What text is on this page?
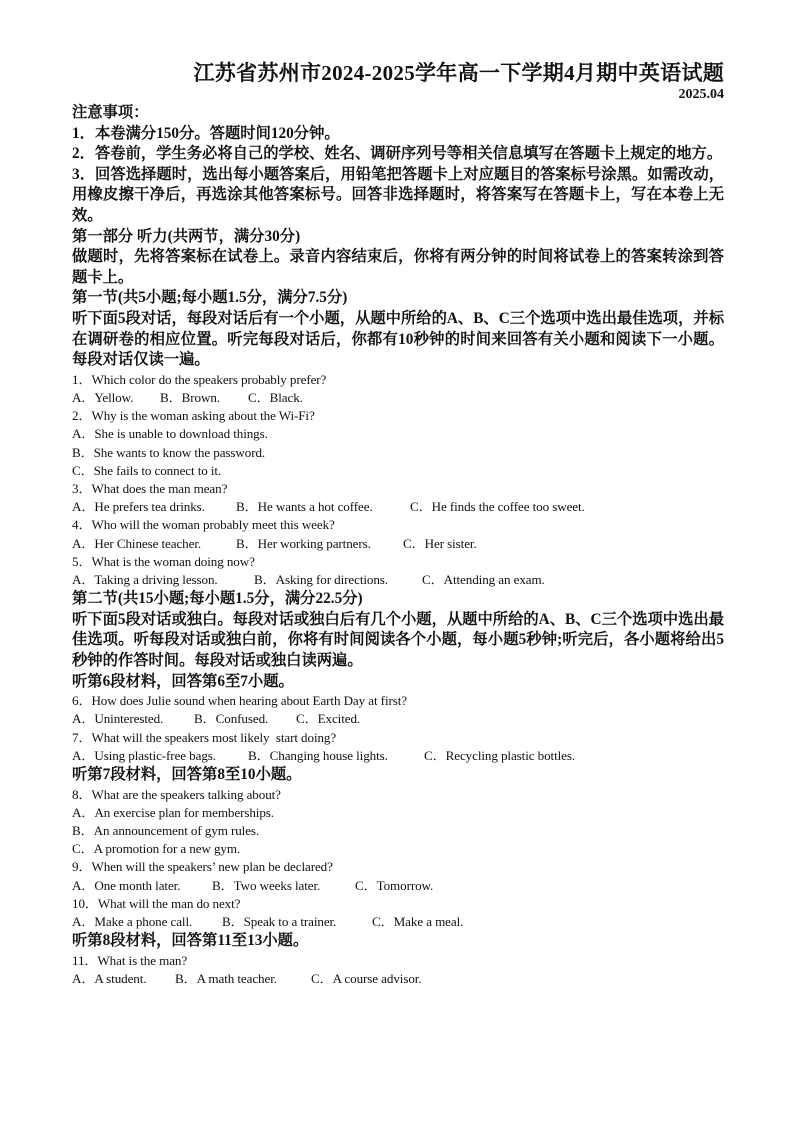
江苏省苏州市2024-2025学年高一下学期4月期中英语试题
2025.04
注意事项：
1．本卷满分150分。答题时间120分钟。
2．答卷前，学生务必将自己的学校、姓名、调研序列号等相关信息填写在答题卡上规定的地方。
3．回答选择题时，选出每小题答案后，用铅笔把答题卡上对应题目的答案标号涂黑。如需改动，用橡皮擦干净后，再选涂其他答案标号。回答非选择题时，将答案写在答题卡上，写在本卷上无效。
第一部分 听力(共两节，满分30分)
做题时，先将答案标在试卷上。录音内容结束后，你将有两分钟的时间将试卷上的答案转涂到答题卡上。
第一节(共5小题;每小题1.5分，满分7.5分)
听下面5段对话，每段对话后有一个小题，从题中所给的A、B、C三个选项中选出最佳选项，并标在调研卷的相应位置。听完每段对话后，你都有10秒钟的时间来回答有关小题和阅读下一小题。每段对话仅读一遍。
1．Which color do the speakers probably prefer?
A．Yellow.	B．Brown.	C．Black.
2．Why is the woman asking about the Wi-Fi?
A．She is unable to download things.
B．She wants to know the password.
C．She fails to connect to it.
3．What does the man mean?
A．He prefers tea drinks.	B．He wants a hot coffee.	C．He finds the coffee too sweet.
4．Who will the woman probably meet this week?
A．Her Chinese teacher.	B．Her working partners.	C．Her sister.
5．What is the woman doing now?
A．Taking a driving lesson.	B．Asking for directions.	C．Attending an exam.
第二节(共15小题;每小题1.5分，满分22.5分)
听下面5段对话或独白。每段对话或独白后有几个小题，从题中所给的A、B、C三个选项中选出最佳选项。听每段对话或独白前，你将有时间阅读各个小题，每小题5秒钟;听完后，各小题将给出5秒钟的作答时间。每段对话或独白读两遍。
听第6段材料，回答第6至7小题。
6．How does Julie sound when hearing about Earth Day at first?
A．Uninterested.	B．Confused.	C．Excited.
7．What will the speakers most likely  start doing?
A．Using plastic-free bags.	B．Changing house lights.	C．Recycling plastic bottles.
听第7段材料，回答第8至10小题。
8．What are the speakers talking about?
A．An exercise plan for memberships.
B．An announcement of gym rules.
C．A promotion for a new gym.
9．When will the speakers’ new plan be declared?
A．One month later.	B．Two weeks later.	C．Tomorrow.
10．What will the man do next?
A．Make a phone call.	B．Speak to a trainer.	C．Make a meal.
听第8段材料，回答第11至13小题。
11．What is the man?
A．A student.	B．A math teacher.	C．A course advisor.
